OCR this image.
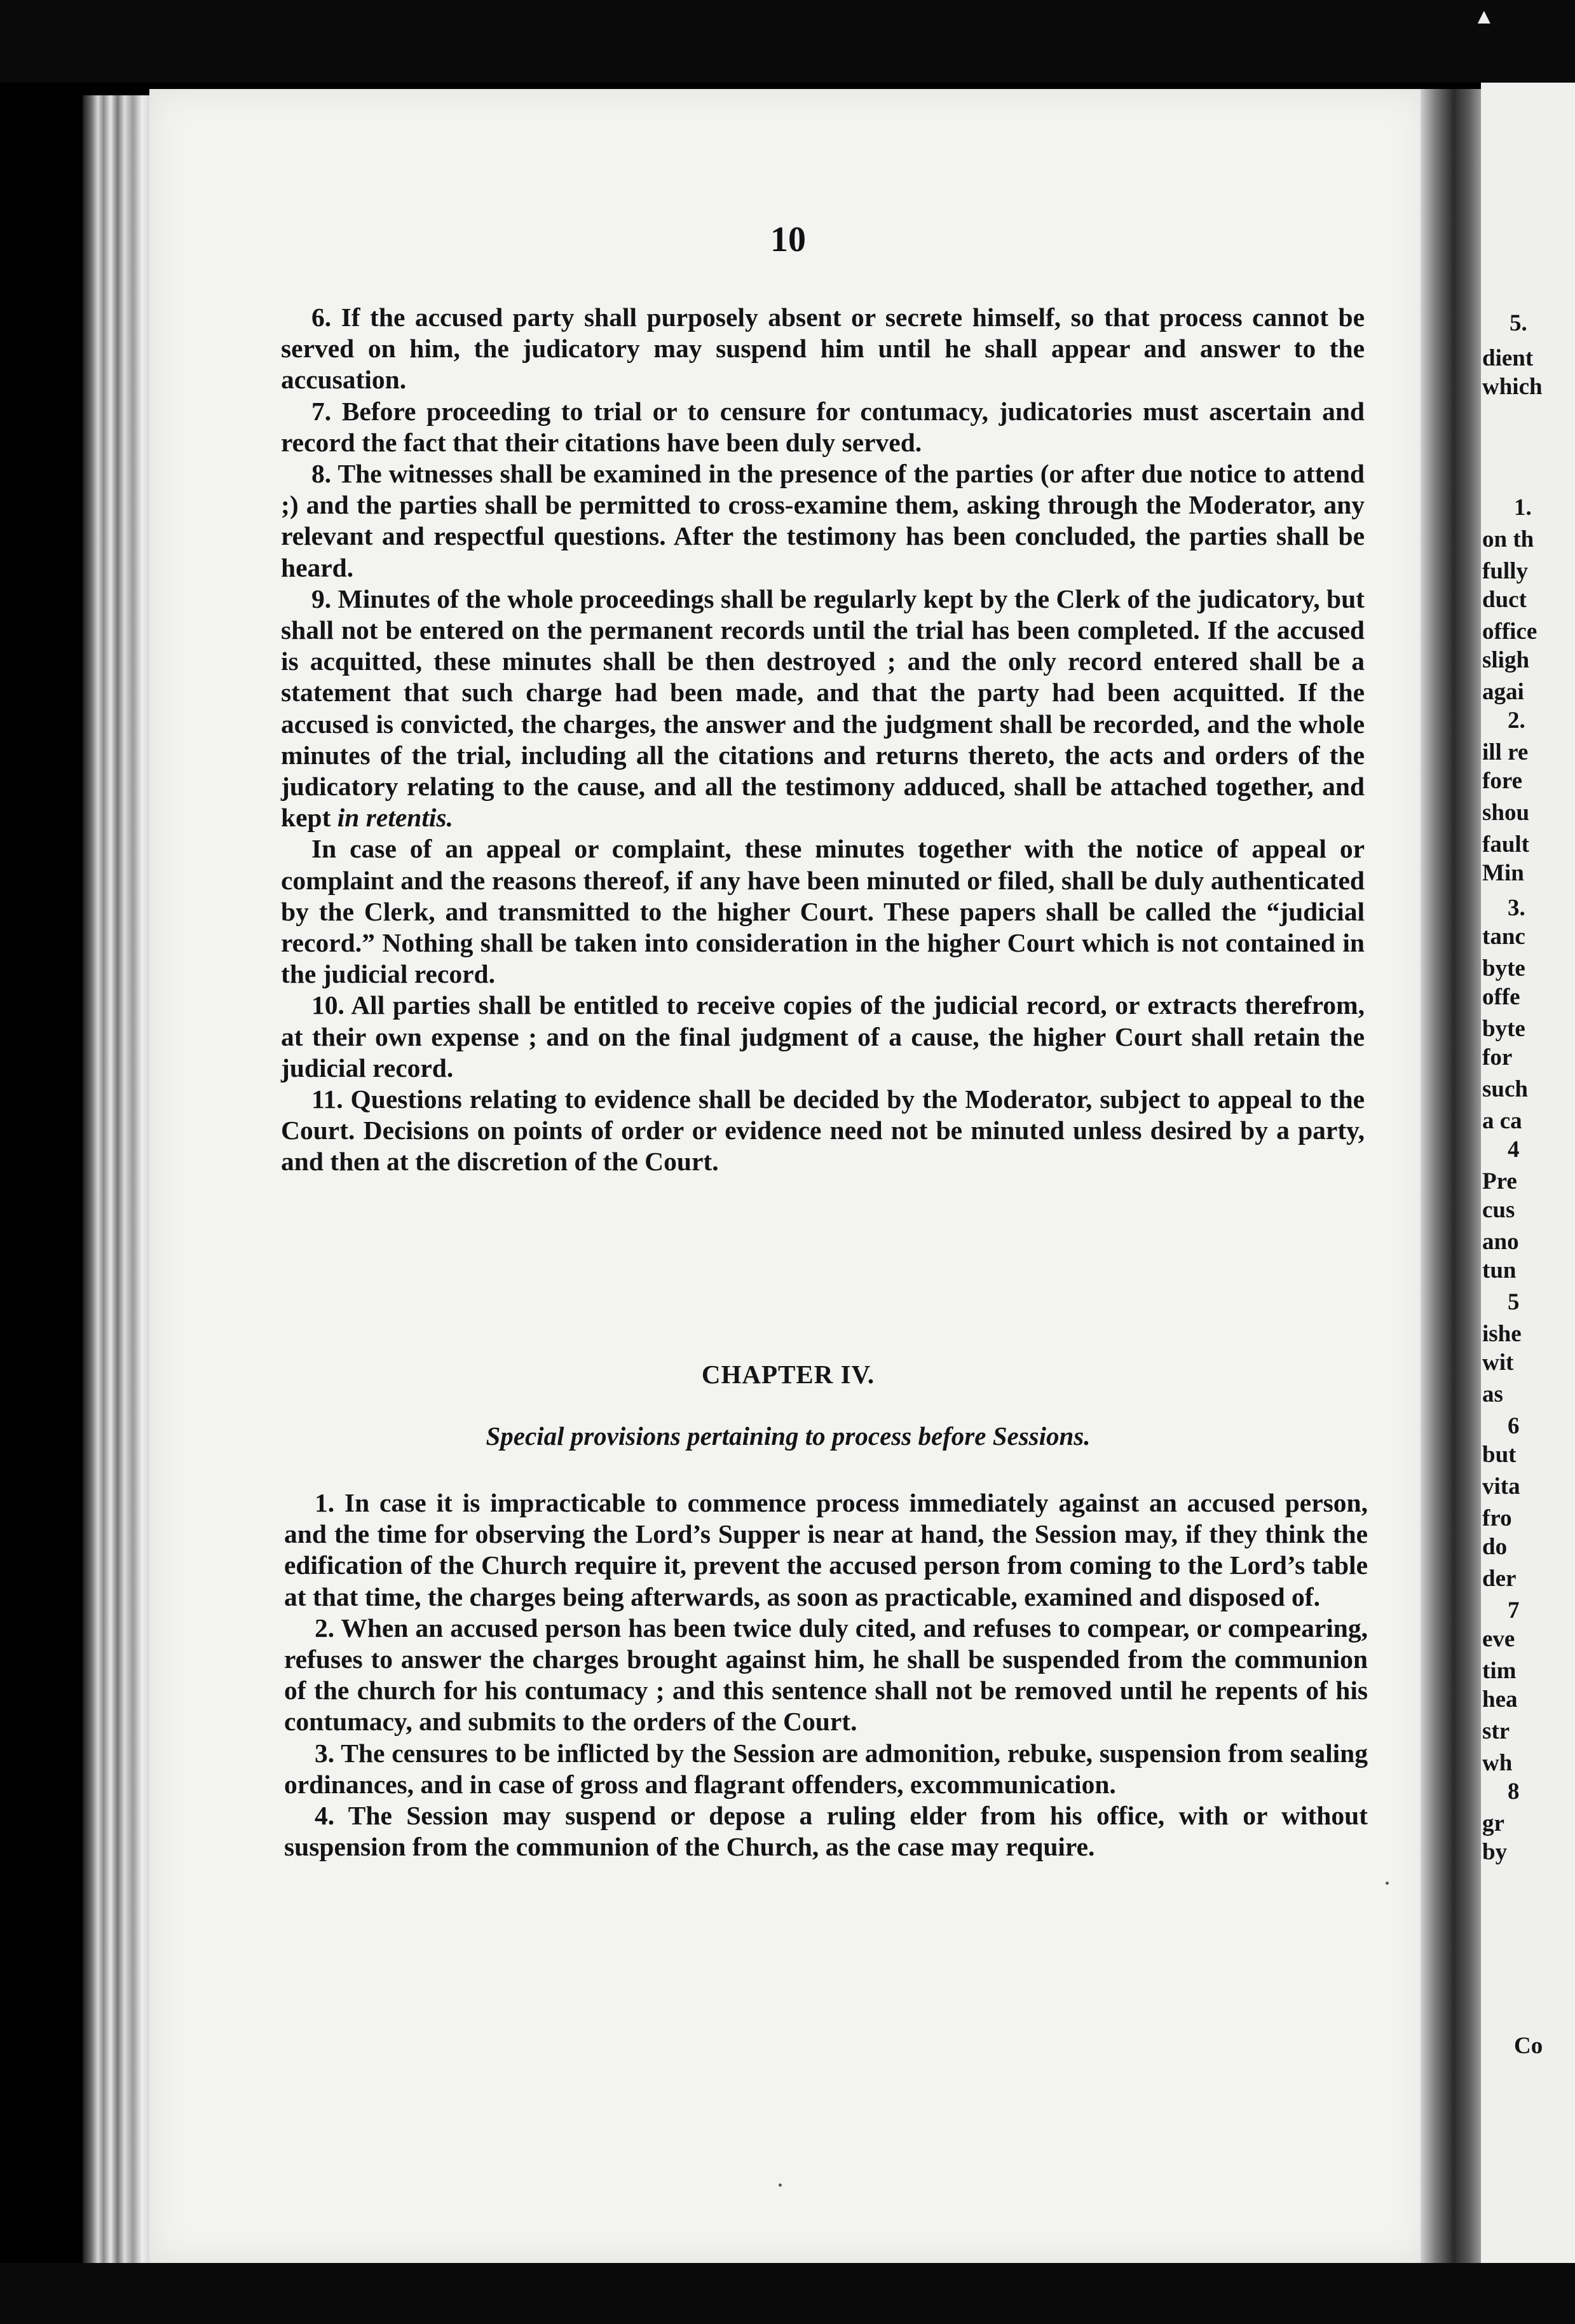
▲
10
5.
dient
which
1.
on th
fully
duct
office
sligh
agai
2.
ill re
fore
shou
fault
Min
3.
tanc
byte
offe
byte
for
such
a ca
4
Pre
cus
ano
tun
5
ishe
wit
as
6
but
vita
fro
do
der
7
eve
tim
hea
str
wh
8
gr
by
Co

6. If the accused party shall purposely absent or secrete himself, so that process cannot be served on him, the judicatory may suspend him until he shall appear and answer to the accusation.

7. Before proceeding to trial or to censure for contumacy, judicatories must ascertain and record the fact that their citations have been duly served.

8. The witnesses shall be examined in the presence of the parties (or after due notice to attend ;) and the parties shall be permitted to cross-examine them, asking through the Moderator, any relevant and respectful questions. After the testimony has been concluded, the parties shall be heard.

9. Minutes of the whole proceedings shall be regularly kept by the Clerk of the judicatory, but shall not be entered on the permanent records until the trial has been completed. If the accused is acquitted, these minutes shall be then destroyed ; and the only record entered shall be a statement that such charge had been made, and that the party had been acquitted. If the accused is convicted, the charges, the answer and the judgment shall be recorded, and the whole minutes of the trial, including all the citations and returns thereto, the acts and orders of the judicatory relating to the cause, and all the testimony adduced, shall be attached together, and kept in retentis.

In case of an appeal or complaint, these minutes together with the notice of appeal or complaint and the reasons thereof, if any have been minuted or filed, shall be duly authenticated by the Clerk, and transmitted to the higher Court. These papers shall be called the “judicial record.” Nothing shall be taken into consideration in the higher Court which is not contained in the judicial record.

10. All parties shall be entitled to receive copies of the judicial record, or extracts therefrom, at their own expense ; and on the final judgment of a cause, the higher Court shall retain the judicial record.

11. Questions relating to evidence shall be decided by the Moderator, subject to appeal to the Court. Decisions on points of order or evidence need not be minuted unless desired by a party, and then at the discretion of the Court.

CHAPTER IV.
Special provisions pertaining to process before Sessions.

1. In case it is impracticable to commence process immediately against an accused person, and the time for observing the Lord’s Supper is near at hand, the Session may, if they think the edification of the Church require it, prevent the accused person from coming to the Lord’s table at that time, the charges being afterwards, as soon as practicable, examined and disposed of.

2. When an accused person has been twice duly cited, and refuses to compear, or compearing, refuses to answer the charges brought against him, he shall be suspended from the communion of the church for his contumacy ; and this sentence shall not be removed until he repents of his contumacy, and submits to the orders of the Court.

3. The censures to be inflicted by the Session are admonition, rebuke, suspension from sealing ordinances, and in case of gross and flagrant offenders, excommunication.

4. The Session may suspend or depose a ruling elder from his office, with or without suspension from the communion of the Church, as the case may require.
